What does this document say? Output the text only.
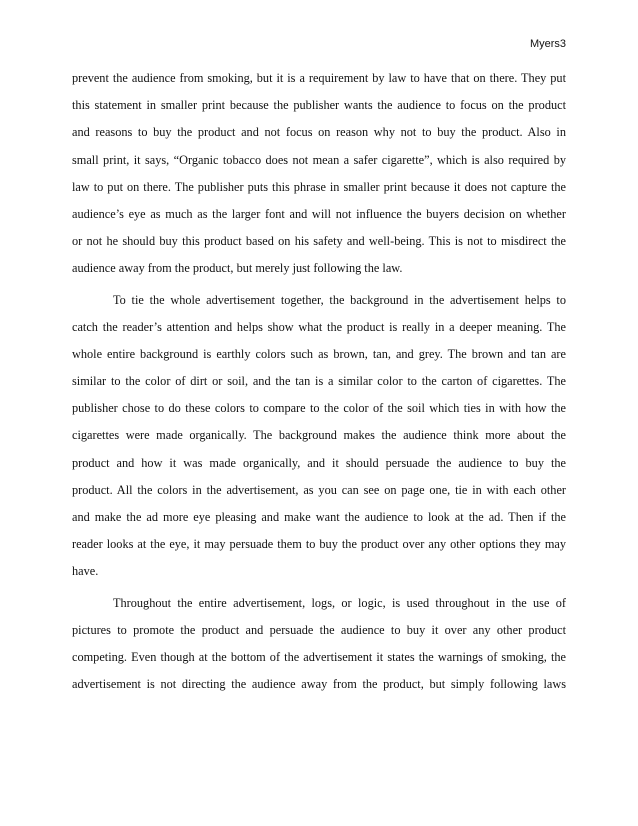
Myers3
prevent the audience from smoking, but it is a requirement by law to have that on there. They put
this statement in smaller print because the publisher wants the audience to focus on the product
and reasons to buy the product and not focus on reason why not to buy the product. Also in
small print, it says, “Organic tobacco does not mean a safer cigarette”, which is also required by
law to put on there. The publisher puts this phrase in smaller print because it does not capture the
audience’s eye as much as the larger font and will not influence the buyers decision on whether
or not he should buy this product based on his safety and well-being. This is not to misdirect the
audience away from the product, but merely just following the law.
To tie the whole advertisement together, the background in the advertisement helps to
catch the reader’s attention and helps show what the product is really in a deeper meaning. The
whole entire background is earthly colors such as brown, tan, and grey. The brown and tan are
similar to the color of dirt or soil, and the tan is a similar color to the carton of cigarettes. The
publisher chose to do these colors to compare to the color of the soil which ties in with how the
cigarettes were made organically. The background makes the audience think more about the
product and how it was made organically, and it should persuade the audience to buy the
product. All the colors in the advertisement, as you can see on page one, tie in with each other
and make the ad more eye pleasing and make want the audience to look at the ad. Then if the
reader looks at the eye, it may persuade them to buy the product over any other options they may
have.
Throughout the entire advertisement, logs, or logic, is used throughout in the use of
pictures to promote the product and persuade the audience to buy it over any other product
competing. Even though at the bottom of the advertisement it states the warnings of smoking, the
advertisement is not directing the audience away from the product, but simply following laws
